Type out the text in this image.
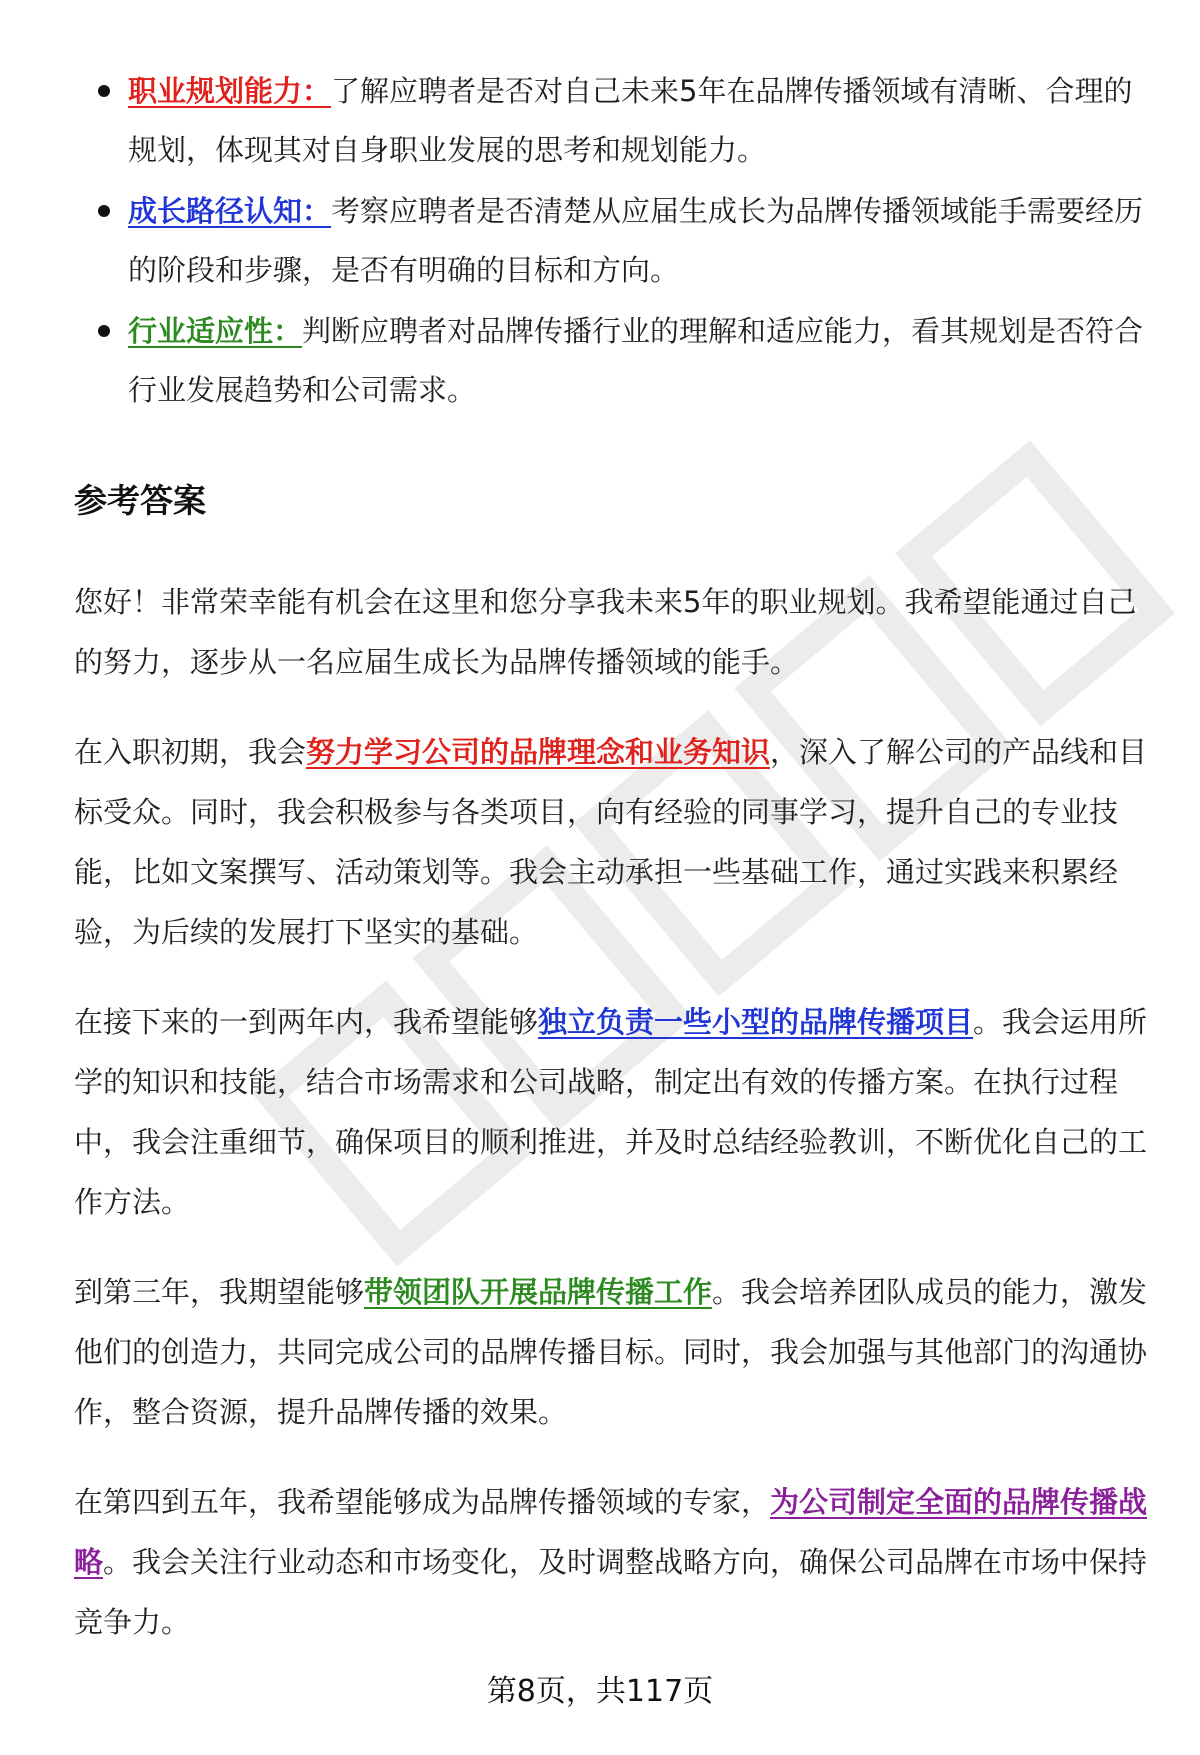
职业规划能力：了解应聘者是否对自己未来5年在品牌传播领域有清晰、合理的规划，体现其对自身职业发展的思考和规划能力。
成长路径认知：考察应聘者是否清楚从应届生成长为品牌传播领域能手需要经历的阶段和步骤，是否有明确的目标和方向。
行业适应性：判断应聘者对品牌传播行业的理解和适应能力，看其规划是否符合行业发展趋势和公司需求。
参考答案

您好！非常荣幸能有机会在这里和您分享我未来5年的职业规划。我希望能通过自己的努力，逐步从一名应届生成长为品牌传播领域的能手。

在入职初期，我会努力学习公司的品牌理念和业务知识，深入了解公司的产品线和目标受众。同时，我会积极参与各类项目，向有经验的同事学习，提升自己的专业技能，比如文案撰写、活动策划等。我会主动承担一些基础工作，通过实践来积累经验，为后续的发展打下坚实的基础。

在接下来的一到两年内，我希望能够独立负责一些小型的品牌传播项目。我会运用所学的知识和技能，结合市场需求和公司战略，制定出有效的传播方案。在执行过程中，我会注重细节，确保项目的顺利推进，并及时总结经验教训，不断优化自己的工作方法。

到第三年，我期望能够带领团队开展品牌传播工作。我会培养团队成员的能力，激发他们的创造力，共同完成公司的品牌传播目标。同时，我会加强与其他部门的沟通协作，整合资源，提升品牌传播的效果。

在第四到五年，我希望能够成为品牌传播领域的专家，为公司制定全面的品牌传播战略。我会关注行业动态和市场变化，及时调整战略方向，确保公司品牌在市场中保持竞争力。

第8页，共117页
